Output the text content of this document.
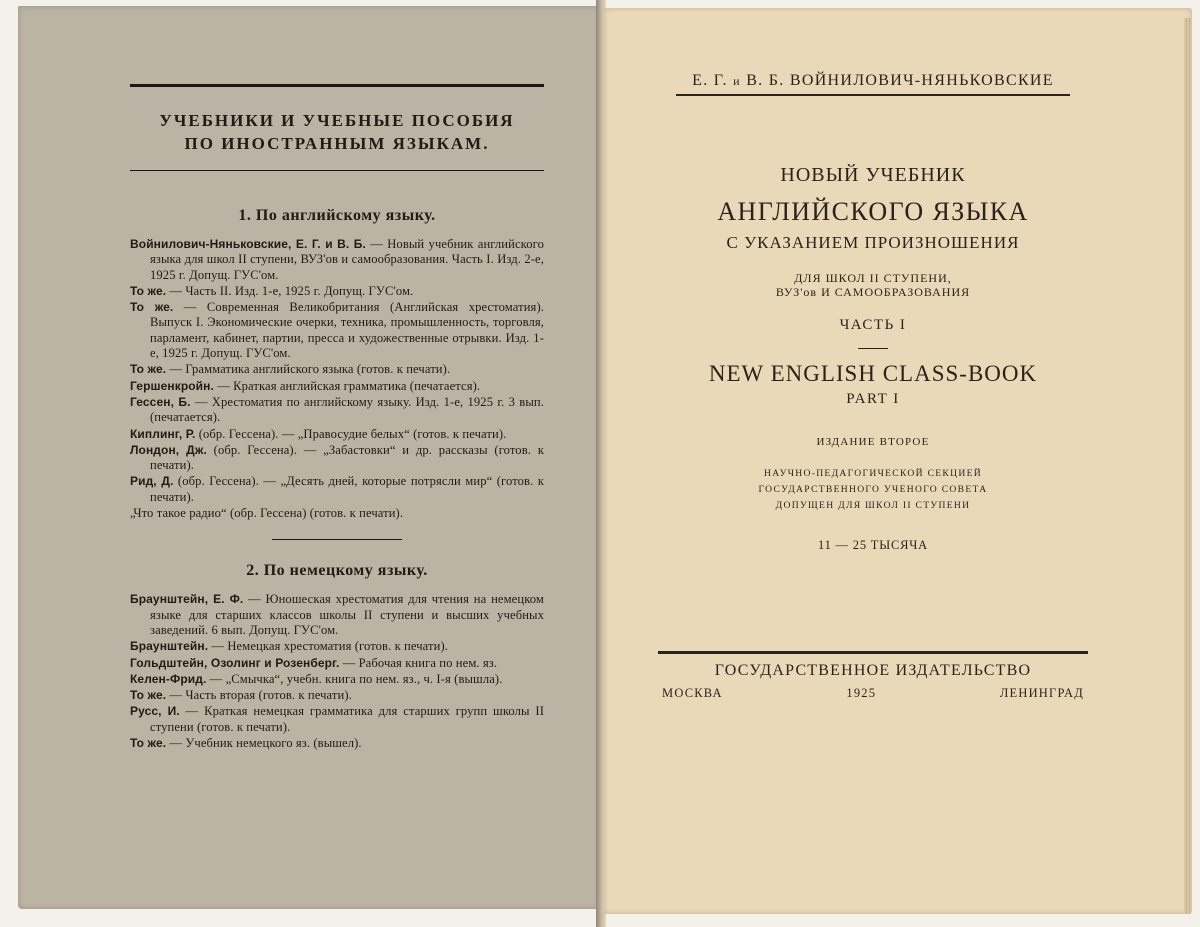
УЧЕБНИКИ И УЧЕБНЫЕ ПОСОБИЯ
ПО ИНОСТРАННЫМ ЯЗЫКАМ.
1. По английскому языку.
Войнилович-Няньковские, Е. Г. и В. Б. — Новый учебник английского языка для школ II ступени, ВУЗ'ов и самообразования. Часть I. Изд. 2-е, 1925 г. Допущ. ГУС'ом.
То же. — Часть II. Изд. 1-е, 1925 г. Допущ. ГУС'ом.
То же. — Современная Великобритания (Английская хрестоматия). Выпуск I. Экономические очерки, техника, промышленность, торговля, парламент, кабинет, партии, пресса и художественные отрывки. Изд. 1-е, 1925 г. Допущ. ГУС'ом.
То же. — Грамматика английского языка (готов. к печати).
Гершенкройн. — Краткая английская грамматика (печатается).
Гессен, Б. — Хрестоматия по английскому языку. Изд. 1-е, 1925 г. 3 вып. (печатается).
Киплинг, Р. (обр. Гессена). — „Правосудие белых“ (готов. к печати).
Лондон, Дж. (обр. Гессена). — „Забастовки“ и др. рассказы (готов. к печати).
Рид, Д. (обр. Гессена). — „Десять дней, которые потрясли мир“ (готов. к печати).
„Что такое радио“ (обр. Гессена) (готов. к печати).
2. По немецкому языку.
Браунштейн, Е. Ф. — Юношеская хрестоматия для чтения на немецком языке для старших классов школы II ступени и высших учебных заведений. 6 вып. Допущ. ГУС'ом.
Браунштейн. — Немецкая хрестоматия (готов. к печати).
Гольдштейн, Озолинг и Розенберг. — Рабочая книга по нем. яз.
Келен-Фрид. — „Смычка“, учебн. книга по нем. яз., ч. I-я (вышла).
То же. — Часть вторая (готов. к печати).
Русс, И. — Краткая немецкая грамматика для старших групп школы II ступени (готов. к печати).
То же. — Учебник немецкого яз. (вышел).
Е. Г. и В. Б. ВОЙНИЛОВИЧ-НЯНЬКОВСКИЕ
НОВЫЙ УЧЕБНИК
АНГЛИЙСКОГО ЯЗЫКА
С УКАЗАНИЕМ ПРОИЗНОШЕНИЯ
ДЛЯ ШКОЛ II СТУПЕНИ,
ВУЗ'ов И САМООБРАЗОВАНИЯ
ЧАСТЬ I
NEW ENGLISH CLASS-BOOK
PART I
ИЗДАНИЕ ВТОРОЕ
НАУЧНО-ПЕДАГОГИЧЕСКОЙ СЕКЦИЕЙ
ГОСУДАРСТВЕННОГО УЧЕНОГО СОВЕТА
ДОПУЩЕН ДЛЯ ШКОЛ II СТУПЕНИ
11 — 25 ТЫСЯЧА
ГОСУДАРСТВЕННОЕ ИЗДАТЕЛЬСТВО
МОСКВА	1925	ЛЕНИНГРАД
